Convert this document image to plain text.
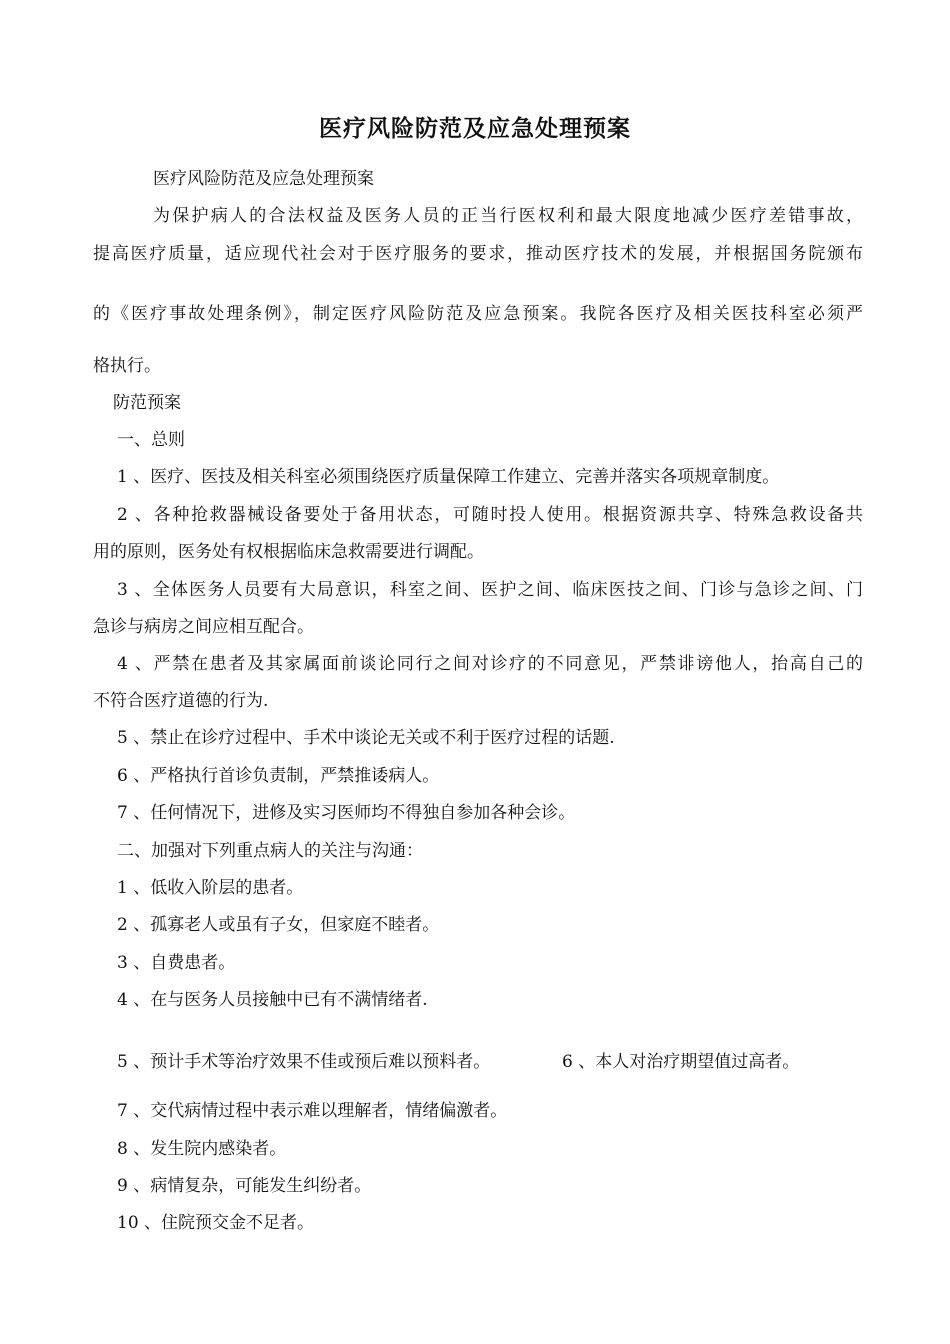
医疗风险防范及应急处理预案
医疗风险防范及应急处理预案
为保护病人的合法权益及医务人员的正当行医权利和最大限度地减少医疗差错事故，
提高医疗质量，适应现代社会对于医疗服务的要求，推动医疗技术的发展，并根据国务院颁布
的《医疗事故处理条例》，制定医疗风险防范及应急预案。我院各医疗及相关医技科室必须严
格执行。
防范预案
一、总则
1 、医疗、医技及相关科室必须围绕医疗质量保障工作建立、完善并落实各项规章制度。
2 、各种抢救器械设备要处于备用状态，可随时投人使用。根据资源共享、特殊急救设备共
用的原则，医务处有权根据临床急救需要进行调配。
3 、全体医务人员要有大局意识，科室之间、医护之间、临床医技之间、门诊与急诊之间、门
急诊与病房之间应相互配合。
4 、严禁在患者及其家属面前谈论同行之间对诊疗的不同意见，严禁诽谤他人，抬高自己的
不符合医疗道德的行为.
5 、禁止在诊疗过程中、手术中谈论无关或不利于医疗过程的话题.
6 、严格执行首诊负责制，严禁推诿病人。
7 、任何情况下，进修及实习医师均不得独自参加各种会诊。
二、加强对下列重点病人的关注与沟通：
1 、低收入阶层的患者。
2 、孤寡老人或虽有子女，但家庭不睦者。
3 、自费患者。
4 、在与医务人员接触中已有不满情绪者.
5 、预计手术等治疗效果不佳或预后难以预料者。	6 、本人对治疗期望值过高者。
7 、交代病情过程中表示难以理解者，情绪偏激者。
8 、发生院内感染者。
9 、病情复杂，可能发生纠纷者。
10 、住院预交金不足者。
